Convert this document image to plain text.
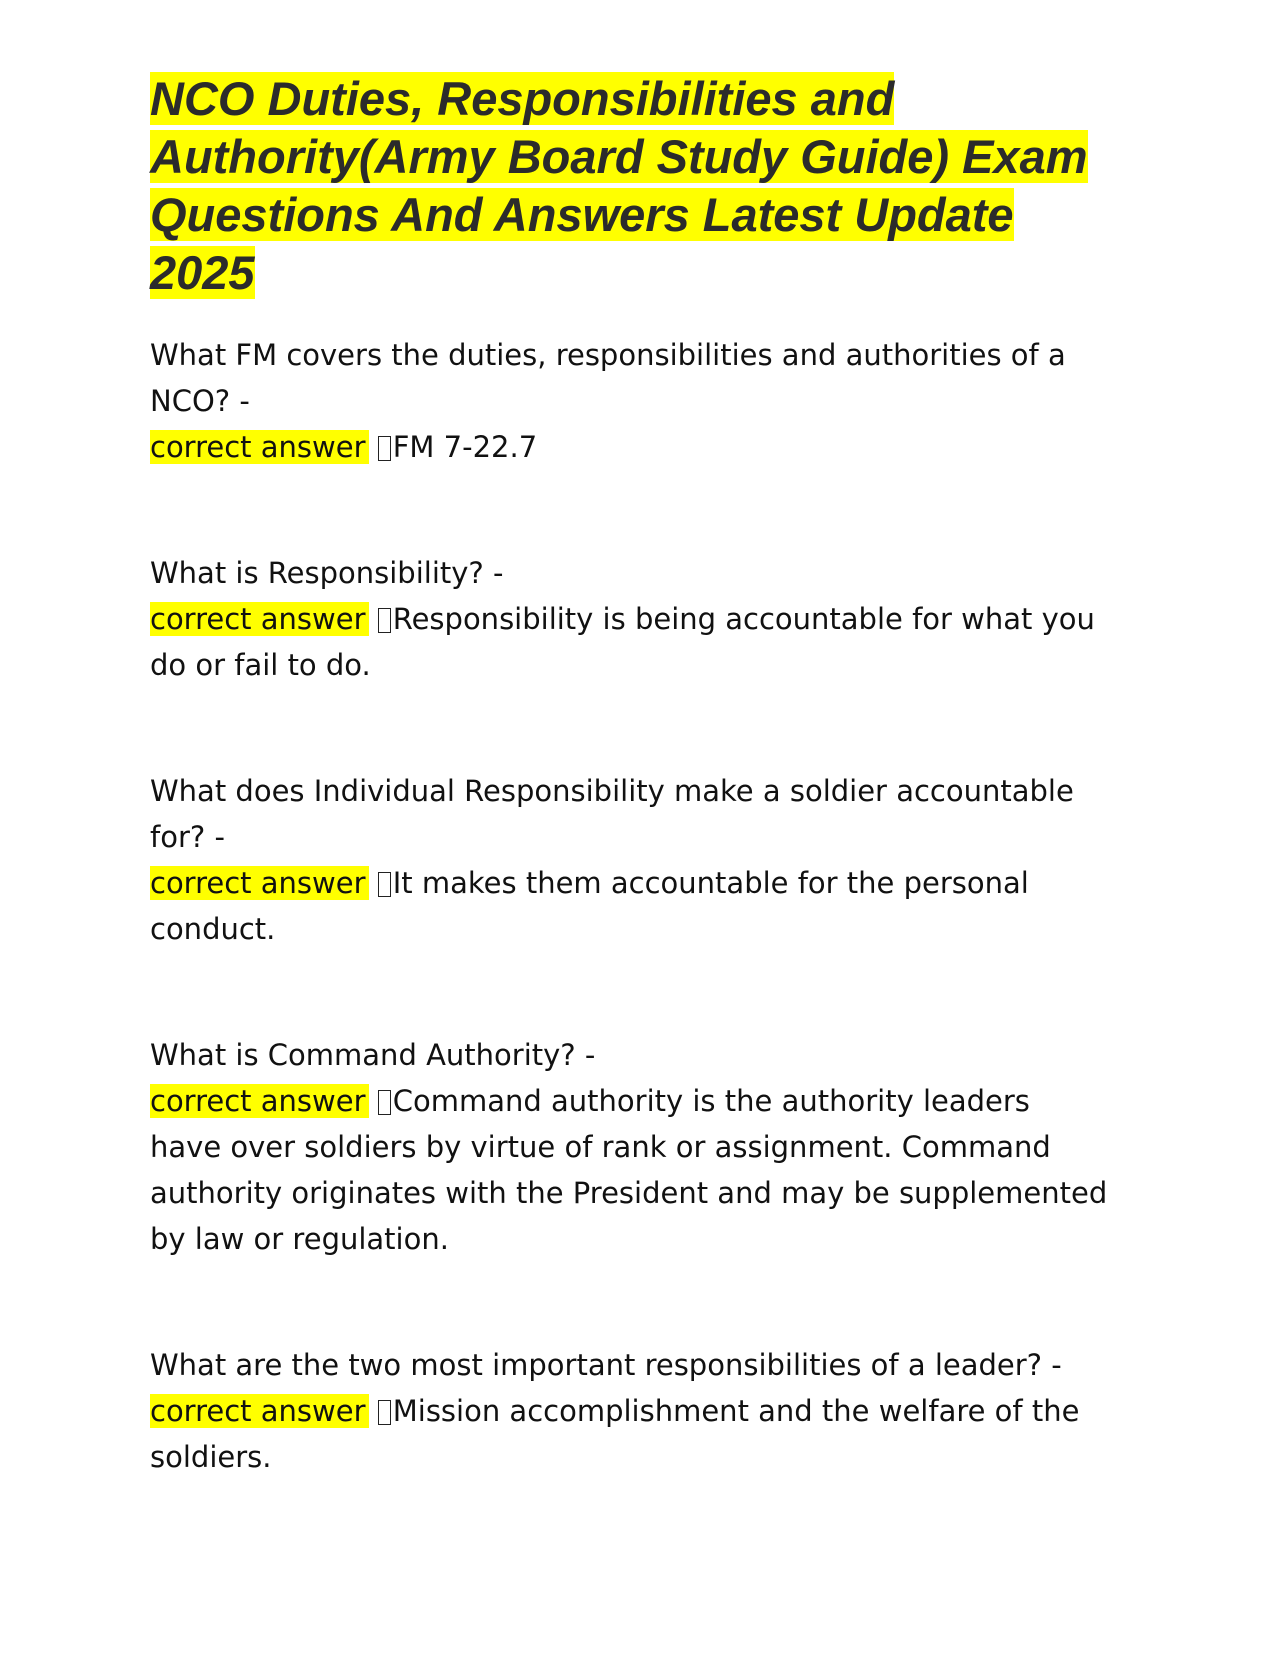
NCO Duties, Responsibilities and Authority(Army Board Study Guide) Exam Questions And Answers Latest Update 2025
What FM covers the duties, responsibilities and authorities of a NCO? -
correct answer FM 7-22.7
What is Responsibility? -
correct answer Responsibility is being accountable for what you do or fail to do.
What does Individual Responsibility make a soldier accountable for? -
correct answer It makes them accountable for the personal conduct.
What is Command Authority? -
correct answer Command authority is the authority leaders have over soldiers by virtue of rank or assignment. Command authority originates with the President and may be supplemented by law or regulation.
What are the two most important responsibilities of a leader? -
correct answer Mission accomplishment and the welfare of the soldiers.
